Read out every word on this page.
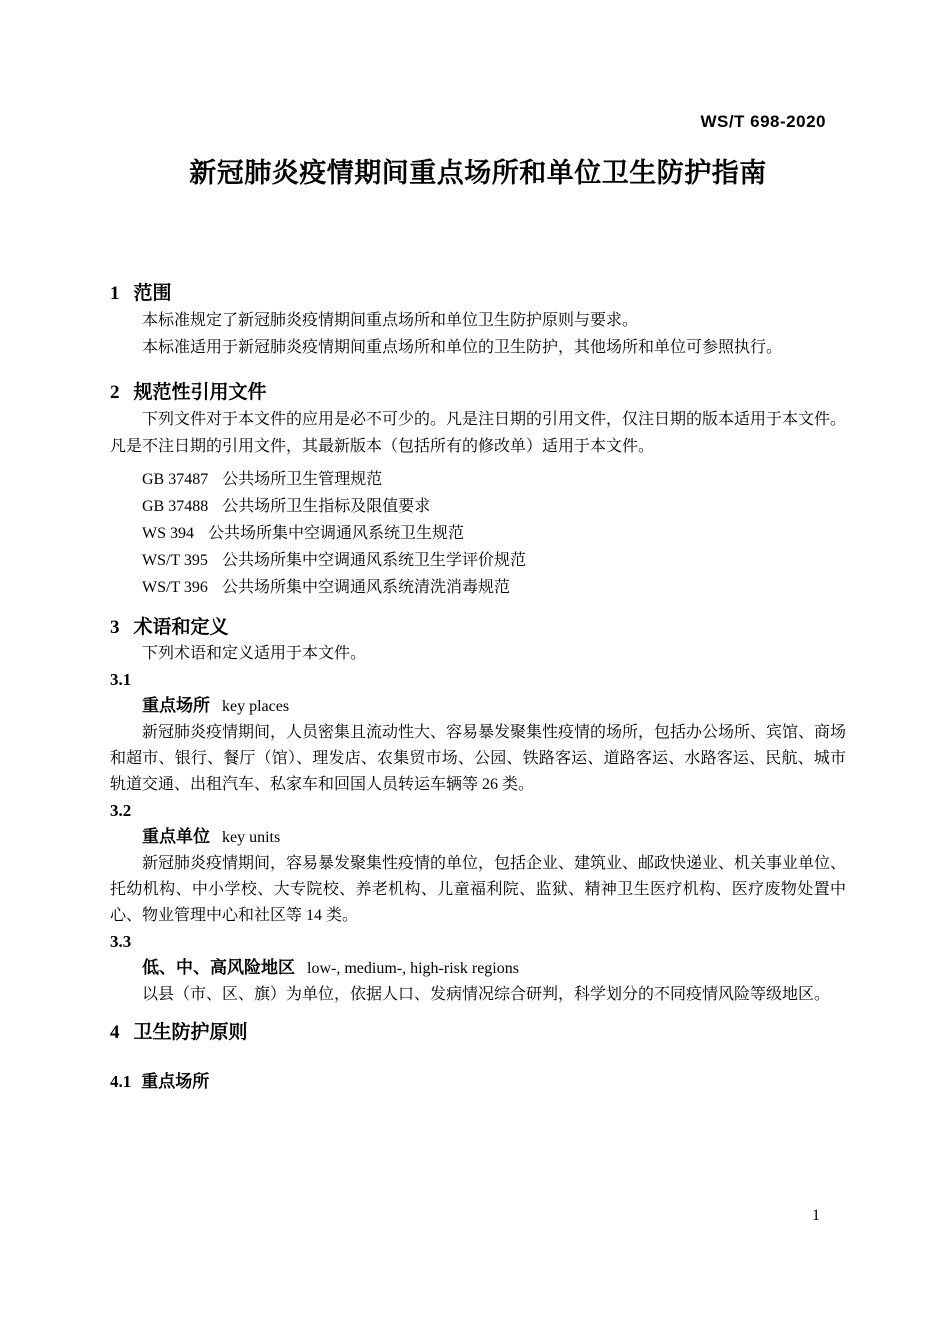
WS/T 698-2020
新冠肺炎疫情期间重点场所和单位卫生防护指南
1 范围

本标准规定了新冠肺炎疫情期间重点场所和单位卫生防护原则与要求。

本标准适用于新冠肺炎疫情期间重点场所和单位的卫生防护，其他场所和单位可参照执行。

2 规范性引用文件

下列文件对于本文件的应用是必不可少的。凡是注日期的引用文件，仅注日期的版本适用于本文件。凡是不注日期的引用文件，其最新版本（包括所有的修改单）适用于本文件。

GB 37487 公共场所卫生管理规范
GB 37488 公共场所卫生指标及限值要求
WS 394 公共场所集中空调通风系统卫生规范
WS/T 395 公共场所集中空调通风系统卫生学评价规范
WS/T 396 公共场所集中空调通风系统清洗消毒规范
3 术语和定义

下列术语和定义适用于本文件。

3.1
重点场所 key places

新冠肺炎疫情期间，人员密集且流动性大、容易暴发聚集性疫情的场所，包括办公场所、宾馆、商场和超市、银行、餐厅（馆）、理发店、农集贸市场、公园、铁路客运、道路客运、水路客运、民航、城市轨道交通、出租汽车、私家车和回国人员转运车辆等 26 类。

3.2
重点单位 key units

新冠肺炎疫情期间，容易暴发聚集性疫情的单位，包括企业、建筑业、邮政快递业、机关事业单位、托幼机构、中小学校、大专院校、养老机构、儿童福利院、监狱、精神卫生医疗机构、医疗废物处置中心、物业管理中心和社区等 14 类。

3.3
低、中、高风险地区 low-, medium-, high-risk regions

以县（市、区、旗）为单位，依据人口、发病情况综合研判，科学划分的不同疫情风险等级地区。

4 卫生防护原则
4.1 重点场所
1
